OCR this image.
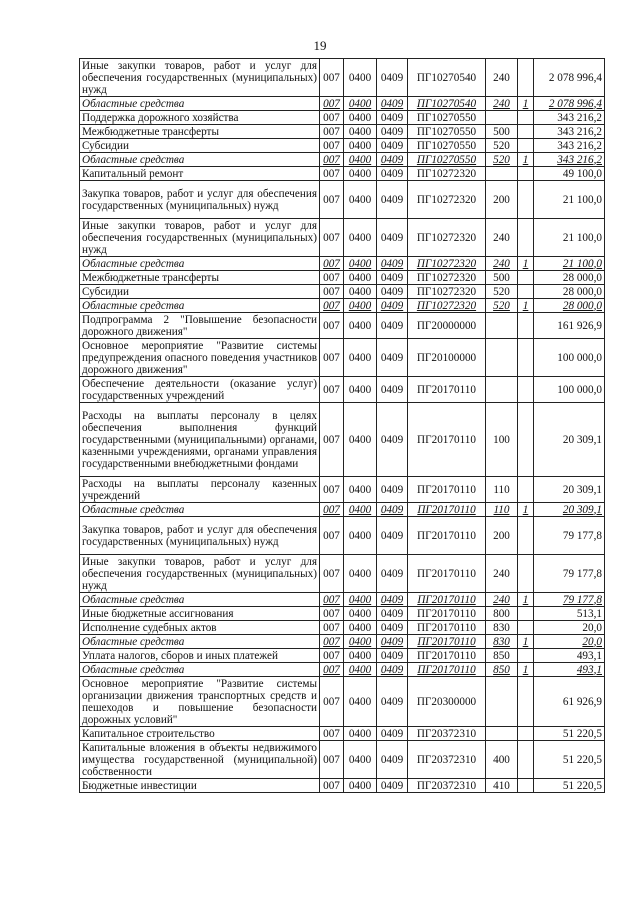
19
Иные закупки товаров, работ и услуг для обеспечения государственных (муниципальных) нужд	007	0400	0409	ПГ10270540	240		2 078 996,4
Областные средства	007	0400	0409	ПГ10270540	240	1	2 078 996,4
Поддержка дорожного хозяйства	007	0400	0409	ПГ10270550			343 216,2
Межбюджетные трансферты	007	0400	0409	ПГ10270550	500		343 216,2
Субсидии	007	0400	0409	ПГ10270550	520		343 216,2
Областные средства	007	0400	0409	ПГ10270550	520	1	343 216,2
Капитальный ремонт	007	0400	0409	ПГ10272320			49 100,0
Закупка товаров, работ и услуг для обеспечения государственных (муниципальных) нужд	007	0400	0409	ПГ10272320	200		21 100,0
Иные закупки товаров, работ и услуг для обеспечения государственных (муниципальных) нужд	007	0400	0409	ПГ10272320	240		21 100,0
Областные средства	007	0400	0409	ПГ10272320	240	1	21 100,0
Межбюджетные трансферты	007	0400	0409	ПГ10272320	500		28 000,0
Субсидии	007	0400	0409	ПГ10272320	520		28 000,0
Областные средства	007	0400	0409	ПГ10272320	520	1	28 000,0
Подпрограмма 2 "Повышение безопасности дорожного движения"	007	0400	0409	ПГ20000000			161 926,9
Основное мероприятие "Развитие системы предупреждения опасного поведения участников дорожного движения"	007	0400	0409	ПГ20100000			100 000,0
Обеспечение деятельности (оказание услуг) государственных учреждений	007	0400	0409	ПГ20170110			100 000,0
Расходы на выплаты персоналу в целях обеспечения выполнения функций государственными (муниципальными) органами, казенными учреждениями, органами управления государственными внебюджетными фондами	007	0400	0409	ПГ20170110	100		20 309,1
Расходы на выплаты персоналу казенных учреждений	007	0400	0409	ПГ20170110	110		20 309,1
Областные средства	007	0400	0409	ПГ20170110	110	1	20 309,1
Закупка товаров, работ и услуг для обеспечения государственных (муниципальных) нужд	007	0400	0409	ПГ20170110	200		79 177,8
Иные закупки товаров, работ и услуг для обеспечения государственных (муниципальных) нужд	007	0400	0409	ПГ20170110	240		79 177,8
Областные средства	007	0400	0409	ПГ20170110	240	1	79 177,8
Иные бюджетные ассигнования	007	0400	0409	ПГ20170110	800		513,1
Исполнение судебных актов	007	0400	0409	ПГ20170110	830		20,0
Областные средства	007	0400	0409	ПГ20170110	830	1	20,0
Уплата налогов, сборов и иных платежей	007	0400	0409	ПГ20170110	850		493,1
Областные средства	007	0400	0409	ПГ20170110	850	1	493,1
Основное мероприятие "Развитие системы организации движения транспортных средств и пешеходов и повышение безопасности дорожных условий"	007	0400	0409	ПГ20300000			61 926,9
Капитальное строительство	007	0400	0409	ПГ20372310			51 220,5
Капитальные вложения в объекты недвижимого имущества государственной (муниципальной) собственности	007	0400	0409	ПГ20372310	400		51 220,5
Бюджетные инвестиции	007	0400	0409	ПГ20372310	410		51 220,5
